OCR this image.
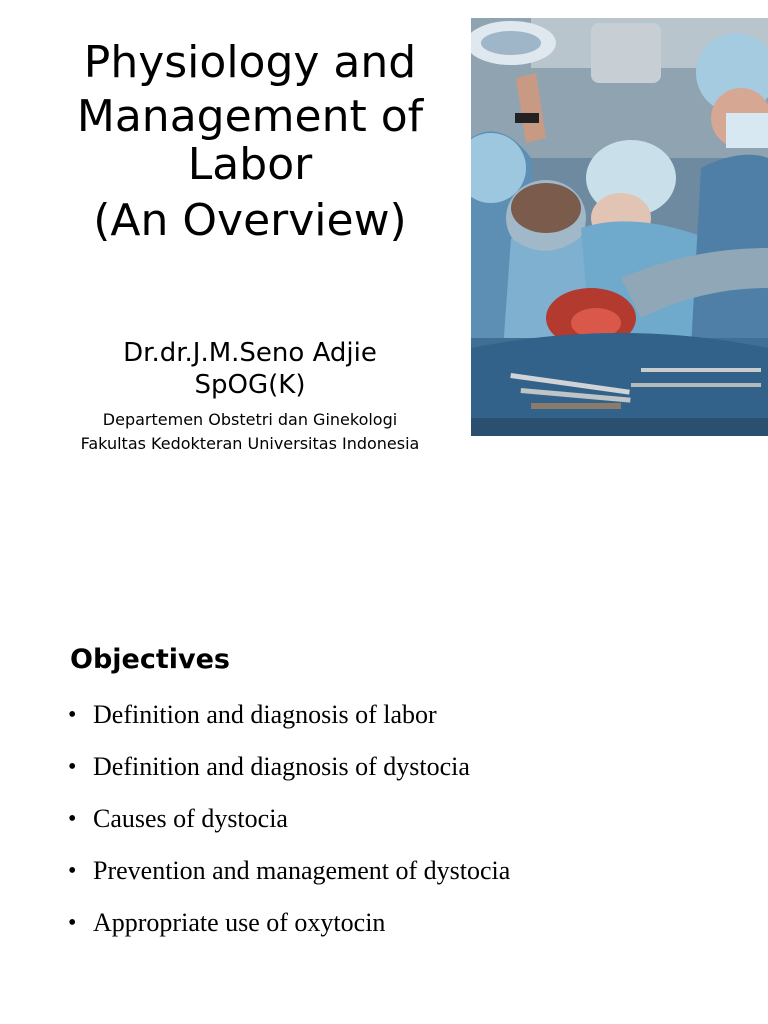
Physiology and
Management of
Labor
(An Overview)
Dr.dr.J.M.Seno Adjie
SpOG(K)
Departemen Obstetri dan Ginekologi
Fakultas Kedokteran Universitas Indonesia
Objectives
• Definition and diagnosis of labor
• Definition and diagnosis of dystocia
• Causes of dystocia
• Prevention and management of dystocia
• Appropriate use of oxytocin
